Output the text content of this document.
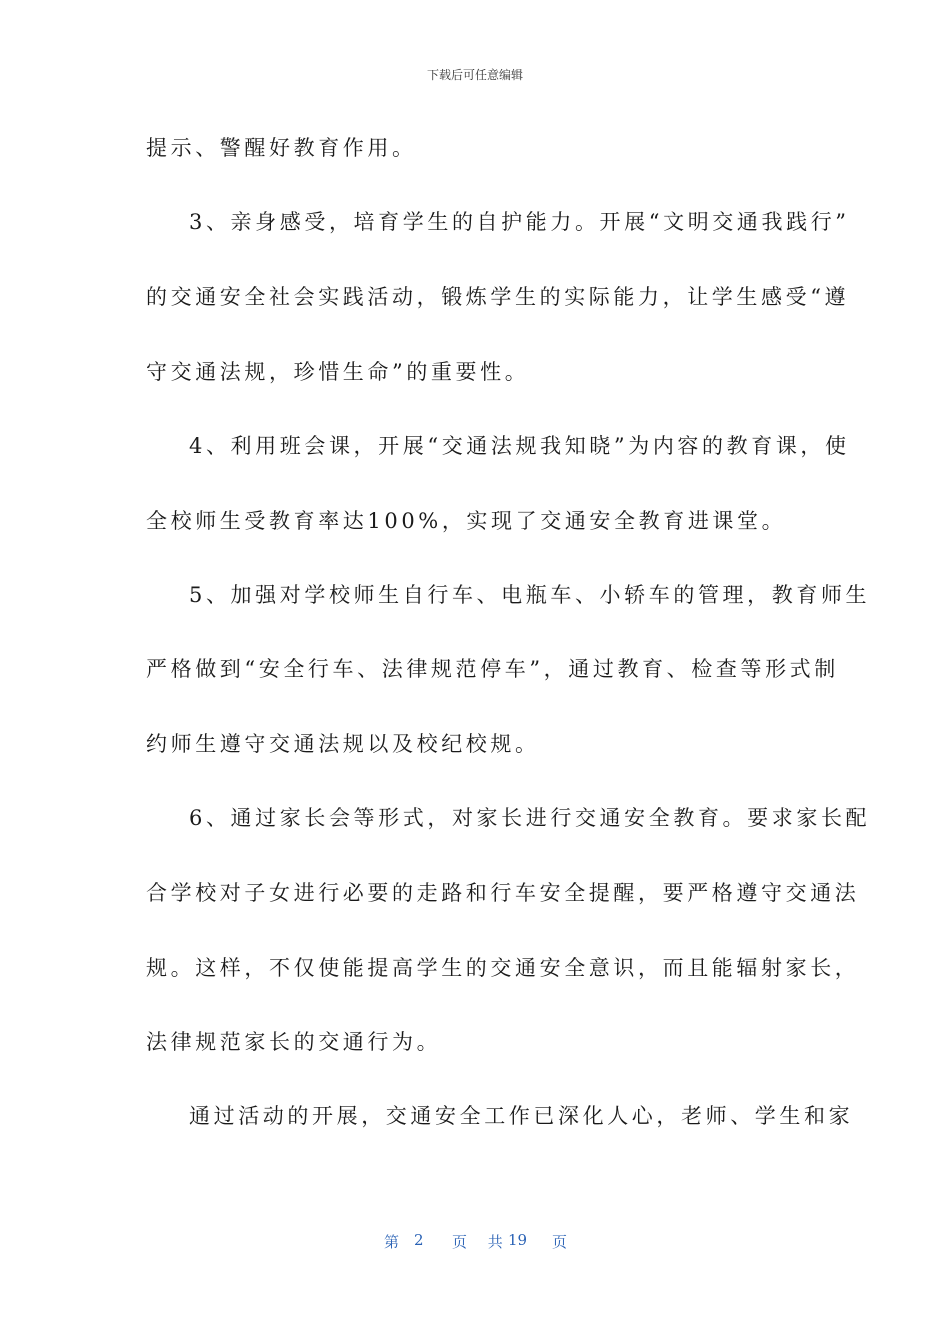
下载后可任意编辑
提示、警醒好教育作用。
3、亲身感受，培育学生的自护能力。开展“文明交通我践行”
的交通安全社会实践活动，锻炼学生的实际能力，让学生感受“遵
守交通法规，珍惜生命”的重要性。
4、利用班会课，开展“交通法规我知晓”为内容的教育课，使
全校师生受教育率达100%，实现了交通安全教育进课堂。
5、加强对学校师生自行车、电瓶车、小轿车的管理，教育师生
严格做到“安全行车、法律规范停车”，通过教育、检查等形式制
约师生遵守交通法规以及校纪校规。
6、通过家长会等形式，对家长进行交通安全教育。要求家长配
合学校对子女进行必要的走路和行车安全提醒，要严格遵守交通法
规。这样，不仅使能提高学生的交通安全意识，而且能辐射家长，
法律规范家长的交通行为。
通过活动的开展，交通安全工作已深化人心，老师、学生和家
第 2 页 共
19 页
